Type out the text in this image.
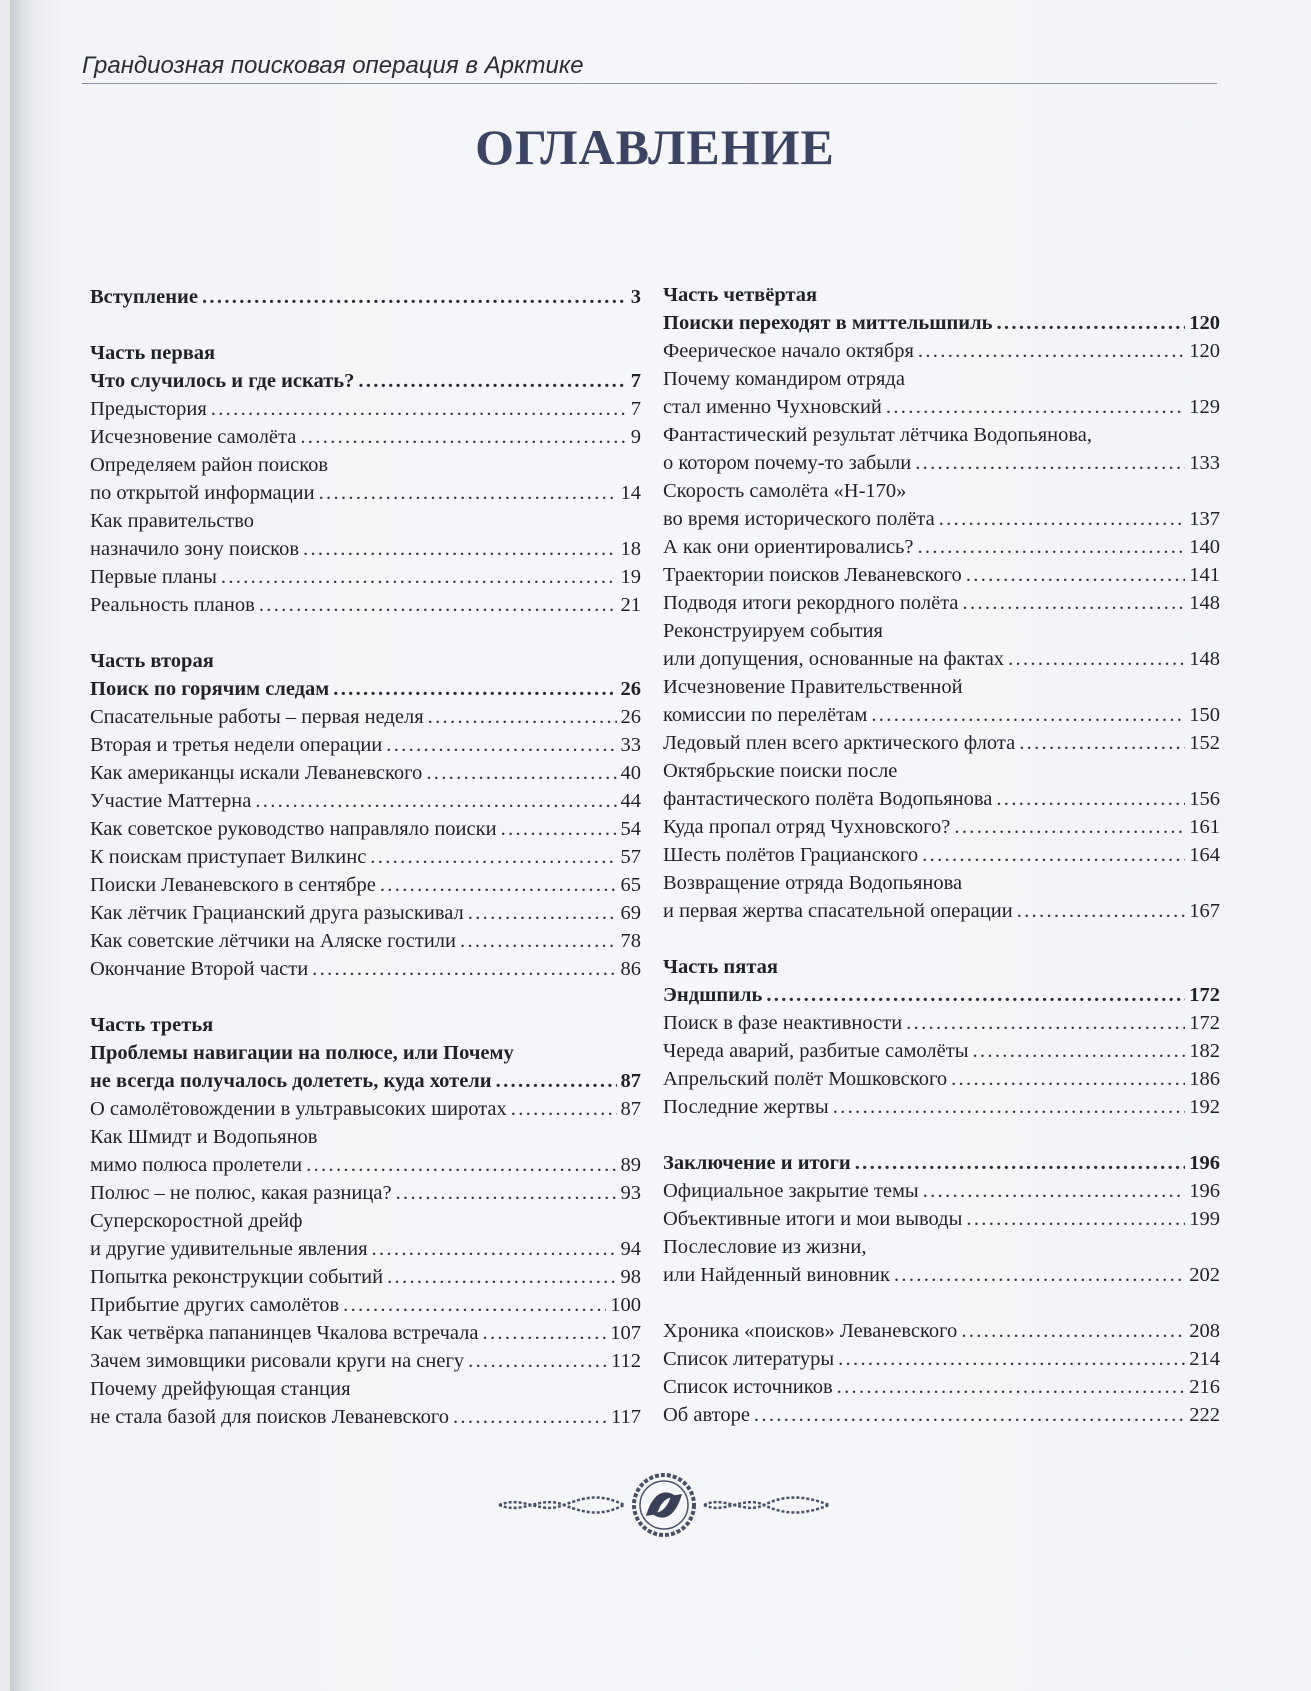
Грандиозная поисковая операция в Арктике
ОГЛАВЛЕНИЕ
Вступление . . .	3
Часть первая
Что случилось и где искать? . . .	7
Предыстория . . .	7
Исчезновение самолёта . . .	9
Определяем район поисков
по открытой информации . . .	14
Как правительство
назначило зону поисков . . .	18
Первые планы . . .	19
Реальность планов . . .	21
Часть вторая
Поиск по горячим следам . . .	26
Спасательные работы – первая неделя . . .	26
Вторая и третья недели операции . . .	33
Как американцы искали Леваневского . . .	40
Участие Маттерна . . .	44
Как советское руководство направляло поиски . . .	54
К поискам приступает Вилкинс . . .	57
Поиски Леваневского в сентябре . . .	65
Как лётчик Грацианский друга разыскивал . . .	69
Как советские лётчики на Аляске гостили . . .	78
Окончание Второй части . . .	86
Часть третья
Проблемы навигации на полюсе, или Почему
не всегда получалось долететь, куда хотели . . .	87
О самолётовождении в ультравысоких широтах . . .	87
Как Шмидт и Водопьянов
мимо полюса пролетели . . .	89
Полюс – не полюс, какая разница? . . .	93
Суперскоростной дрейф
и другие удивительные явления . . .	94
Попытка реконструкции событий . . .	98
Прибытие других самолётов . . .	100
Как четвёрка папанинцев Чкалова встречала . . .	107
Зачем зимовщики рисовали круги на снегу . . .	112
Почему дрейфующая станция
не стала базой для поисков Леваневского . . .	117
Часть четвёртая
Поиски переходят в миттельшпиль . . .	120
Феерическое начало октября . . .	120
Почему командиром отряда
стал именно Чухновский . . .	129
Фантастический результат лётчика Водопьянова,
о котором почему-то забыли . . .	133
Скорость самолёта «Н-170»
во время исторического полёта . . .	137
А как они ориентировались? . . .	140
Траектории поисков Леваневского . . .	141
Подводя итоги рекордного полёта . . .	148
Реконструируем события
или допущения, основанные на фактах . . .	148
Исчезновение Правительственной
комиссии по перелётам . . .	150
Ледовый плен всего арктического флота . . .	152
Октябрьские поиски после
фантастического полёта Водопьянова . . .	156
Куда пропал отряд Чухновского? . . .	161
Шесть полётов Грацианского . . .	164
Возвращение отряда Водопьянова
и первая жертва спасательной операции . . .	167
Часть пятая
Эндшпиль . . .	172
Поиск в фазе неактивности . . .	172
Череда аварий, разбитые самолёты . . .	182
Апрельский полёт Мошковского . . .	186
Последние жертвы . . .	192
Заключение и итоги . . .	196
Официальное закрытие темы . . .	196
Объективные итоги и мои выводы . . .	199
Послесловие из жизни,
или Найденный виновник . . .	202
Хроника «поисков» Леваневского . . .	208
Список литературы . . .	214
Список источников . . .	216
Об авторе . . .	222
